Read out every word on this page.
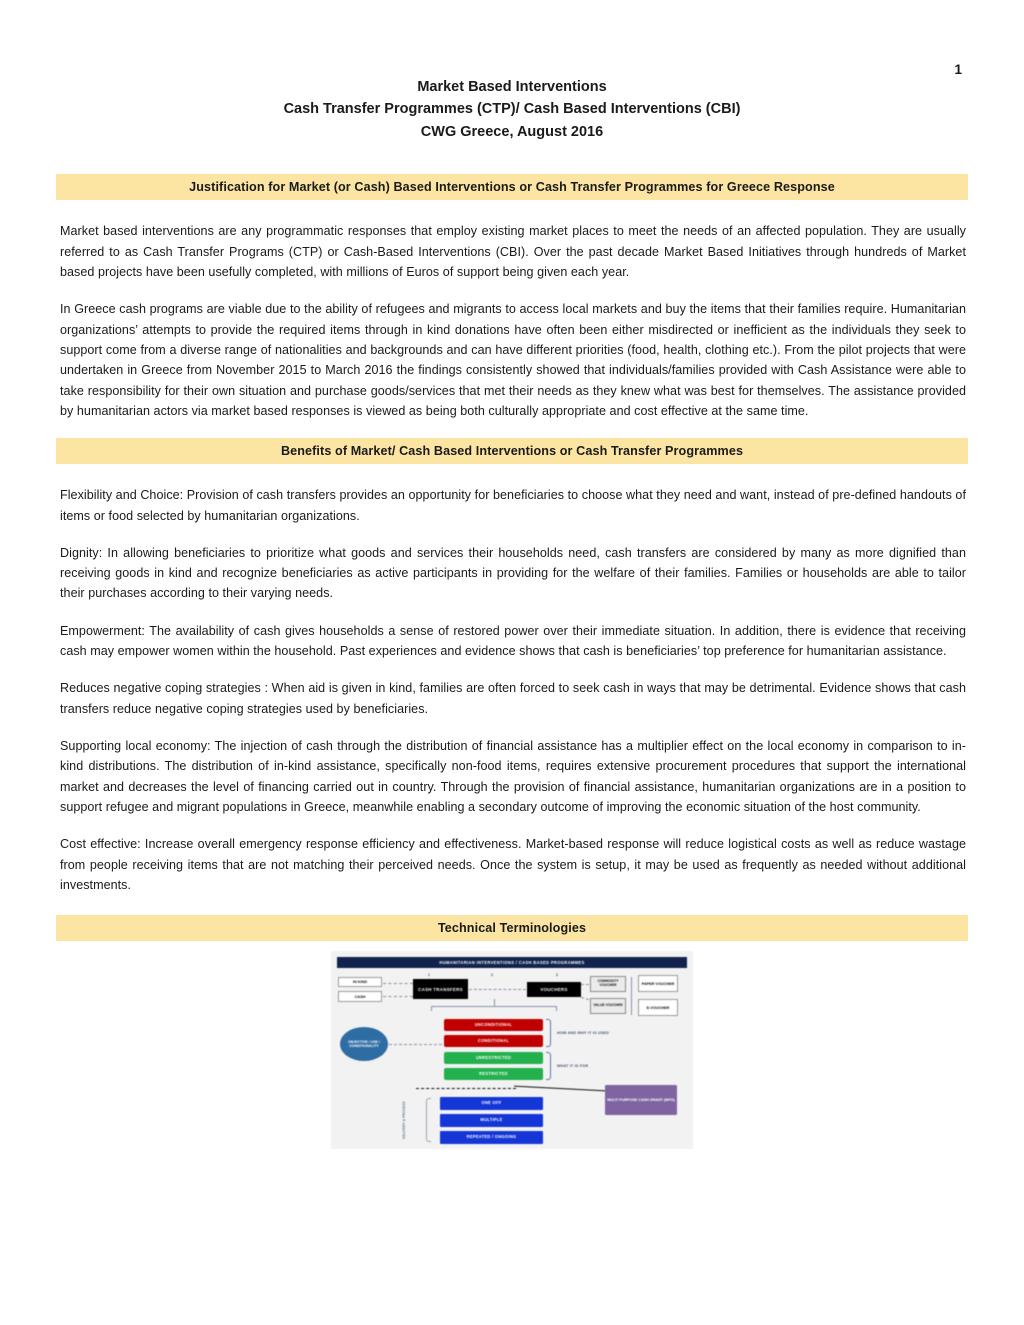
1
Market Based Interventions
Cash Transfer Programmes (CTP)/ Cash Based Interventions (CBI)
CWG Greece, August 2016
Justification for Market (or Cash) Based Interventions or Cash Transfer Programmes for Greece Response

Market based interventions are any programmatic responses that employ existing market places to meet the needs of an affected population. They are usually referred to as Cash Transfer Programs (CTP) or Cash-Based Interventions (CBI). Over the past decade Market Based Initiatives through hundreds of Market based projects have been usefully completed, with millions of Euros of support being given each year.

In Greece cash programs are viable due to the ability of refugees and migrants to access local markets and buy the items that their families require. Humanitarian organizations’ attempts to provide the required items through in kind donations have often been either misdirected or inefficient as the individuals they seek to support come from a diverse range of nationalities and backgrounds and can have different priorities (food, health, clothing etc.). From the pilot projects that were undertaken in Greece from November 2015 to March 2016 the findings consistently showed that individuals/families provided with Cash Assistance were able to take responsibility for their own situation and purchase goods/services that met their needs as they knew what was best for themselves. The assistance provided by humanitarian actors via market based responses is viewed as being both culturally appropriate and cost effective at the same time.

Benefits of Market/ Cash Based Interventions or Cash Transfer Programmes

Flexibility and Choice: Provision of cash transfers provides an opportunity for beneficiaries to choose what they need and want, instead of pre-defined handouts of items or food selected by humanitarian organizations.

Dignity: In allowing beneficiaries to prioritize what goods and services their households need, cash transfers are considered by many as more dignified than receiving goods in kind and recognize beneficiaries as active participants in providing for the welfare of their families. Families or households are able to tailor their purchases according to their varying needs.

Empowerment: The availability of cash gives households a sense of restored power over their immediate situation. In addition, there is evidence that receiving cash may empower women within the household. Past experiences and evidence shows that cash is beneficiaries’ top preference for humanitarian assistance.

Reduces negative coping strategies : When aid is given in kind, families are often forced to seek cash in ways that may be detrimental. Evidence shows that cash transfers reduce negative coping strategies used by beneficiaries.

Supporting local economy: The injection of cash through the distribution of financial assistance has a multiplier effect on the local economy in comparison to in-kind distributions. The distribution of in-kind assistance, specifically non-food items, requires extensive procurement procedures that support the international market and decreases the level of financing carried out in country. Through the provision of financial assistance, humanitarian organizations are in a position to support refugee and migrant populations in Greece, meanwhile enabling a secondary outcome of improving the economic situation of the host community.

Cost effective: Increase overall emergency response efficiency and effectiveness. Market-based response will reduce logistical costs as well as reduce wastage from people receiving items that are not matching their perceived needs. Once the system is setup, it may be used as frequently as needed without additional investments.

Technical Terminologies
HUMANITARIAN INTERVENTIONS / CASH BASED PROGRAMMES
1	2	3
IN KIND
CASH
CASH TRANSFERS	VOUCHERS
COMMODITY VOUCHER
VALUE VOUCHER
PAPER VOUCHER
E-VOUCHER
OBJECTIVE / USE / CONDITIONALITY
UNCONDITIONAL
CONDITIONAL
UNRESTRICTED
RESTRICTED
HOW AND WHY IT IS USED
WHAT IT IS FOR
DELIVERY & PROCESS	ONE OFF
MULTIPLE
REPEATED / ONGOING
MULTI PURPOSE CASH GRANT (MPG)
